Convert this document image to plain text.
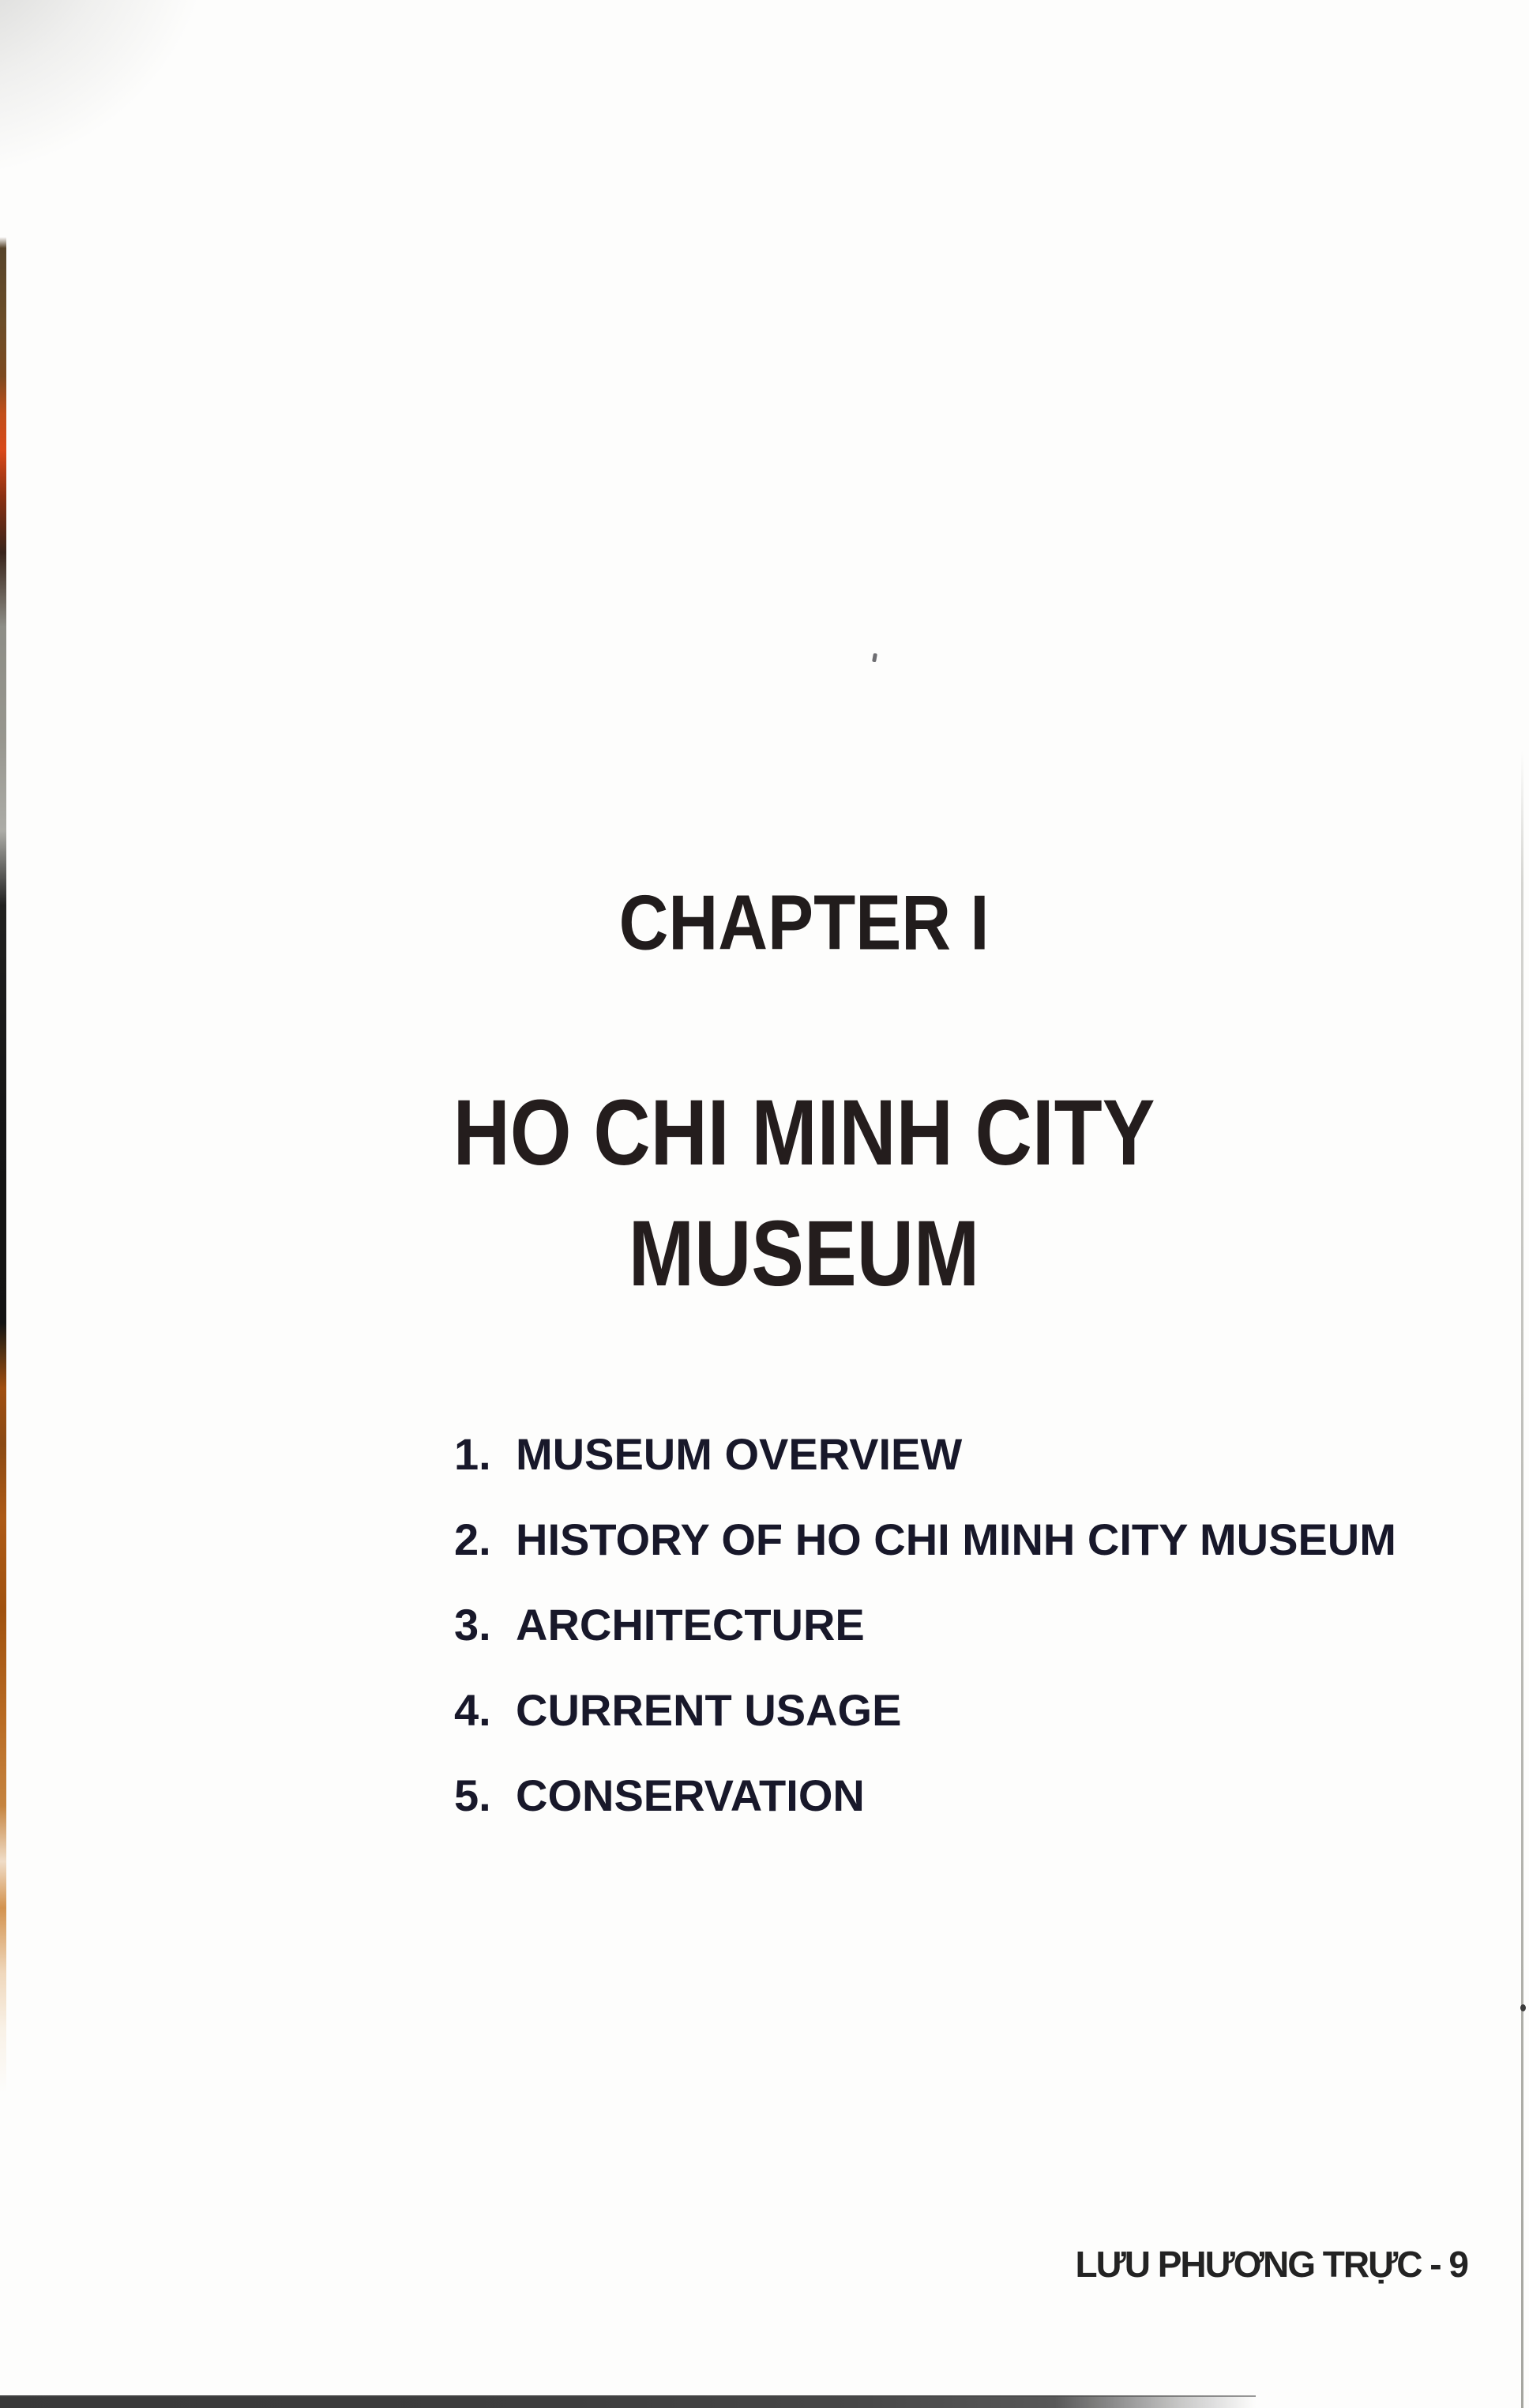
CHAPTER I
HO CHI MINH CITY
MUSEUM
1. MUSEUM OVERVIEW
2. HISTORY OF HO CHI MINH CITY MUSEUM
3. ARCHITECTURE
4. CURRENT USAGE
5. CONSERVATION
LƯU PHƯƠNG TRỰC - 9
